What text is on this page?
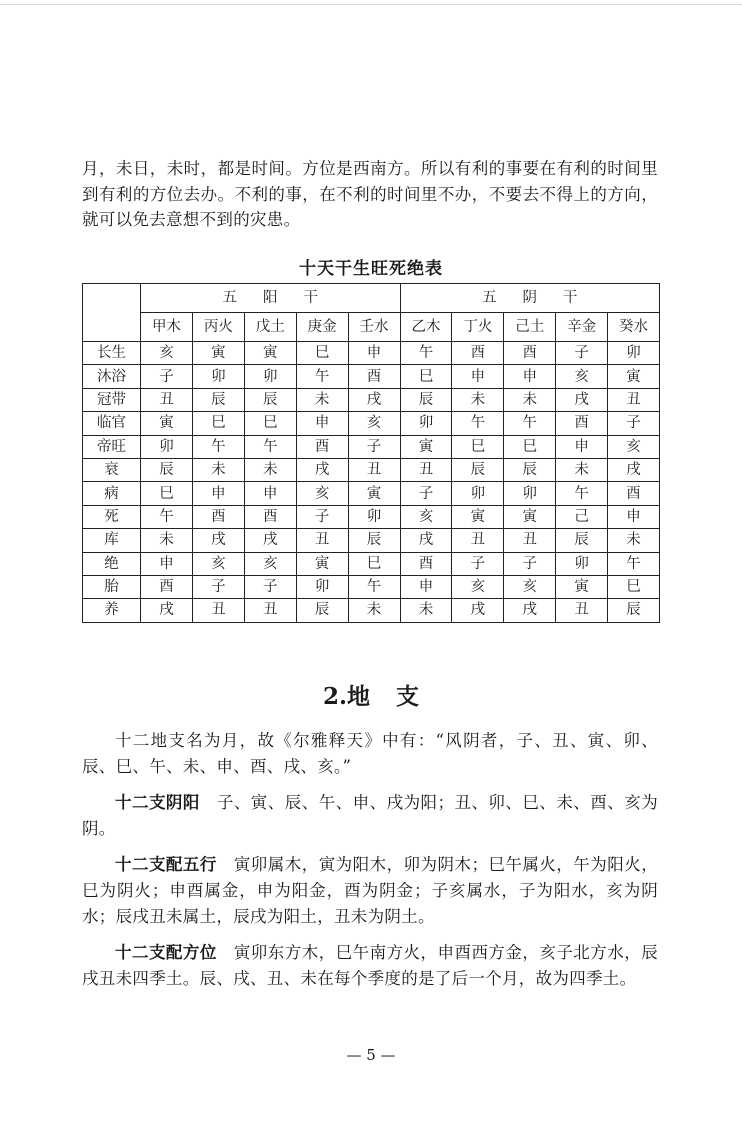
月，未日，未时，都是时间。方位是西南方。所以有利的事要在有利的时间里到有利的方位去办。不利的事，在不利的时间里不办，不要去不得上的方向，就可以免去意想不到的灾患。

十天干生旺死绝表
	五阳干					五阴干				
	甲木	丙火	戊土	庚金	壬水	乙木	丁火	己土	辛金	癸水
长生	亥	寅	寅	巳	申	午	酉	酉	子	卯
沐浴	子	卯	卯	午	酉	巳	申	申	亥	寅
冠带	丑	辰	辰	未	戌	辰	未	未	戌	丑
临官	寅	巳	巳	申	亥	卯	午	午	酉	子
帝旺	卯	午	午	酉	子	寅	巳	巳	申	亥
衰	辰	未	未	戌	丑	丑	辰	辰	未	戌
病	巳	申	申	亥	寅	子	卯	卯	午	酉
死	午	酉	酉	子	卯	亥	寅	寅	己	申
库	未	戌	戌	丑	辰	戌	丑	丑	辰	未
绝	申	亥	亥	寅	巳	酉	子	子	卯	午
胎	酉	子	子	卯	午	申	亥	亥	寅	巳
养	戌	丑	丑	辰	未	未	戌	戌	丑	辰
2.地 支

十二地支名为月，故《尔雅释天》中有：“风阴者，子、丑、寅、卯、辰、巳、午、未、申、酉、戌、亥。”

十二支阴阳　 子、寅、辰、午、申、戌为阳；丑、卯、巳、未、酉、亥为阴。

十二支配五行　 寅卯属木，寅为阳木，卯为阴木；巳午属火，午为阳火，巳为阴火；申酉属金，申为阳金，酉为阴金；子亥属水，子为阳水，亥为阴水；辰戌丑未属土，辰戌为阳土，丑未为阴土。

十二支配方位　 寅卯东方木，巳午南方火，申酉西方金，亥子北方水，辰戌丑未四季土。辰、戌、丑、未在每个季度的是了后一个月，故为四季土。

— 5 —
